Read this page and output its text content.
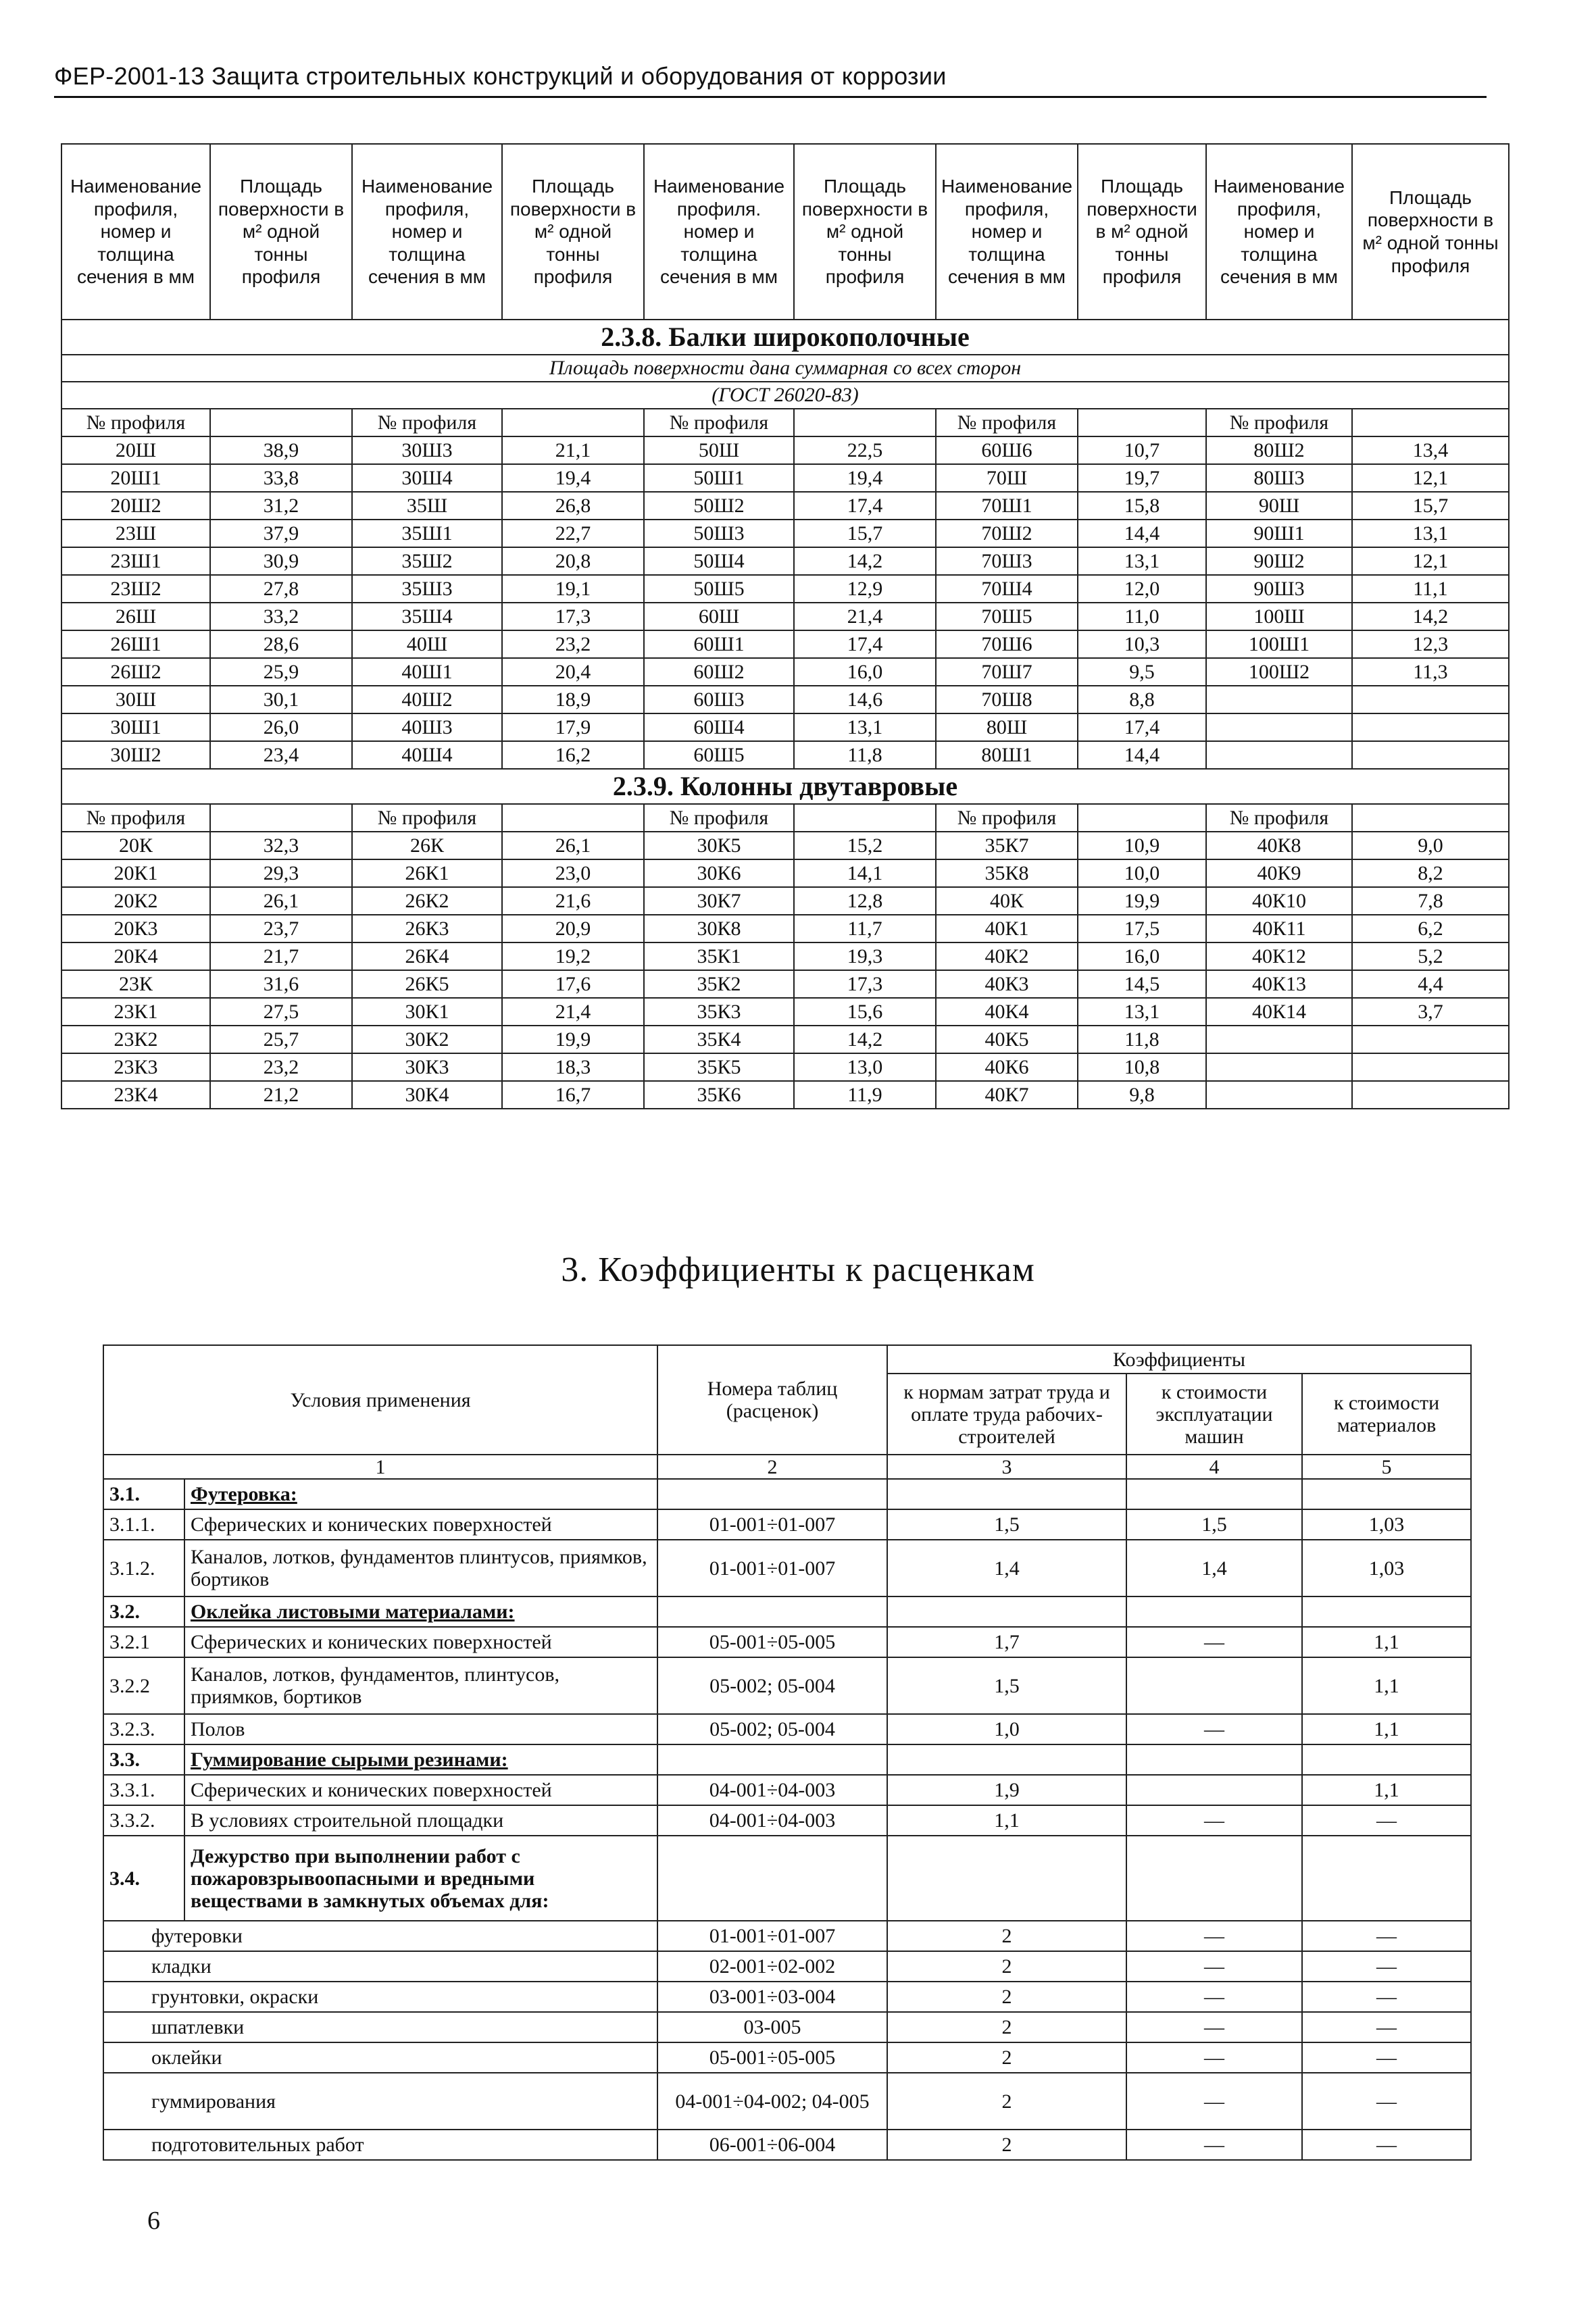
ФЕР-2001-13 Защита строительных конструкций и оборудования от коррозии
Наименование профиля, номер и толщина сечения в мм	Площадь поверхности в м² одной тонны профиля	Наименование профиля, номер и толщина сечения в мм	Площадь поверхности в м² одной тонны профиля	Наименование профиля. номер и толщина сечения в мм	Площадь поверхности в м² одной тонны профиля	Наименование профиля, номер и толщина сечения в мм	Площадь поверхности в м² одной тонны профиля	Наименование профиля, номер и толщина сечения в мм	Площадь поверхности в м² одной тонны профиля
2.3.8. Балки широкополочные									
Площадь поверхности дана суммарная со всех сторон									
(ГОСТ 26020-83)									
№ профиля		№ профиля		№ профиля		№ профиля		№ профиля	
20Ш	38,9	30Ш3	21,1	50Ш	22,5	60Ш6	10,7	80Ш2	13,4
20Ш1	33,8	30Ш4	19,4	50Ш1	19,4	70Ш	19,7	80Ш3	12,1
20Ш2	31,2	35Ш	26,8	50Ш2	17,4	70Ш1	15,8	90Ш	15,7
23Ш	37,9	35Ш1	22,7	50Ш3	15,7	70Ш2	14,4	90Ш1	13,1
23Ш1	30,9	35Ш2	20,8	50Ш4	14,2	70Ш3	13,1	90Ш2	12,1
23Ш2	27,8	35Ш3	19,1	50Ш5	12,9	70Ш4	12,0	90Ш3	11,1
26Ш	33,2	35Ш4	17,3	60Ш	21,4	70Ш5	11,0	100Ш	14,2
26Ш1	28,6	40Ш	23,2	60Ш1	17,4	70Ш6	10,3	100Ш1	12,3
26Ш2	25,9	40Ш1	20,4	60Ш2	16,0	70Ш7	9,5	100Ш2	11,3
30Ш	30,1	40Ш2	18,9	60Ш3	14,6	70Ш8	8,8		
30Ш1	26,0	40Ш3	17,9	60Ш4	13,1	80Ш	17,4		
30Ш2	23,4	40Ш4	16,2	60Ш5	11,8	80Ш1	14,4		
2.3.9. Колонны двутавровые									
№ профиля		№ профиля		№ профиля		№ профиля		№ профиля	
20К	32,3	26К	26,1	30К5	15,2	35К7	10,9	40К8	9,0
20К1	29,3	26К1	23,0	30К6	14,1	35К8	10,0	40К9	8,2
20К2	26,1	26К2	21,6	30К7	12,8	40К	19,9	40К10	7,8
20К3	23,7	26К3	20,9	30К8	11,7	40К1	17,5	40К11	6,2
20К4	21,7	26К4	19,2	35К1	19,3	40К2	16,0	40К12	5,2
23К	31,6	26К5	17,6	35К2	17,3	40К3	14,5	40К13	4,4
23К1	27,5	30К1	21,4	35К3	15,6	40К4	13,1	40К14	3,7
23К2	25,7	30К2	19,9	35К4	14,2	40К5	11,8		
23К3	23,2	30К3	18,3	35К5	13,0	40К6	10,8		
23К4	21,2	30К4	16,7	35К6	11,9	40К7	9,8		
3. Коэффициенты к расценкам
Условия применения		Номера таблиц (расценок)	Коэффициенты		
			к нормам затрат труда и оплате труда рабочих-строителей	к стоимости эксплуатации машин	к стоимости материалов
1		2	3	4	5
3.1.	Футеровка:				
3.1.1.	Сферических и конических поверхностей	01-001÷01-007	1,5	1,5	1,03
3.1.2.	Каналов, лотков, фундаментов плинтусов, приямков, бортиков	01-001÷01-007	1,4	1,4	1,03
3.2.	Оклейка листовыми материалами:				
3.2.1	Сферических и конических поверхностей	05-001÷05-005	1,7	—	1,1
3.2.2	Каналов, лотков, фундаментов, плинтусов, приямков, бортиков	05-002; 05-004	1,5		1,1
3.2.3.	Полов	05-002; 05-004	1,0	—	1,1
3.3.	Гуммирование сырыми резинами:				
3.3.1.	Сферических и конических поверхностей	04-001÷04-003	1,9		1,1
3.3.2.	В условиях строительной площадки	04-001÷04-003	1,1	—	—
3.4.	Дежурство при выполнении работ с пожаровзрывоопасными и вредными веществами в замкнутых объемах для:				
футеровки		01-001÷01-007	2	—	—
кладки		02-001÷02-002	2	—	—
грунтовки, окраски		03-001÷03-004	2	—	—
шпатлевки		03-005	2	—	—
оклейки		05-001÷05-005	2	—	—
гуммирования		04-001÷04-002; 04-005	2	—	—
подготовительных работ		06-001÷06-004	2	—	—
6
